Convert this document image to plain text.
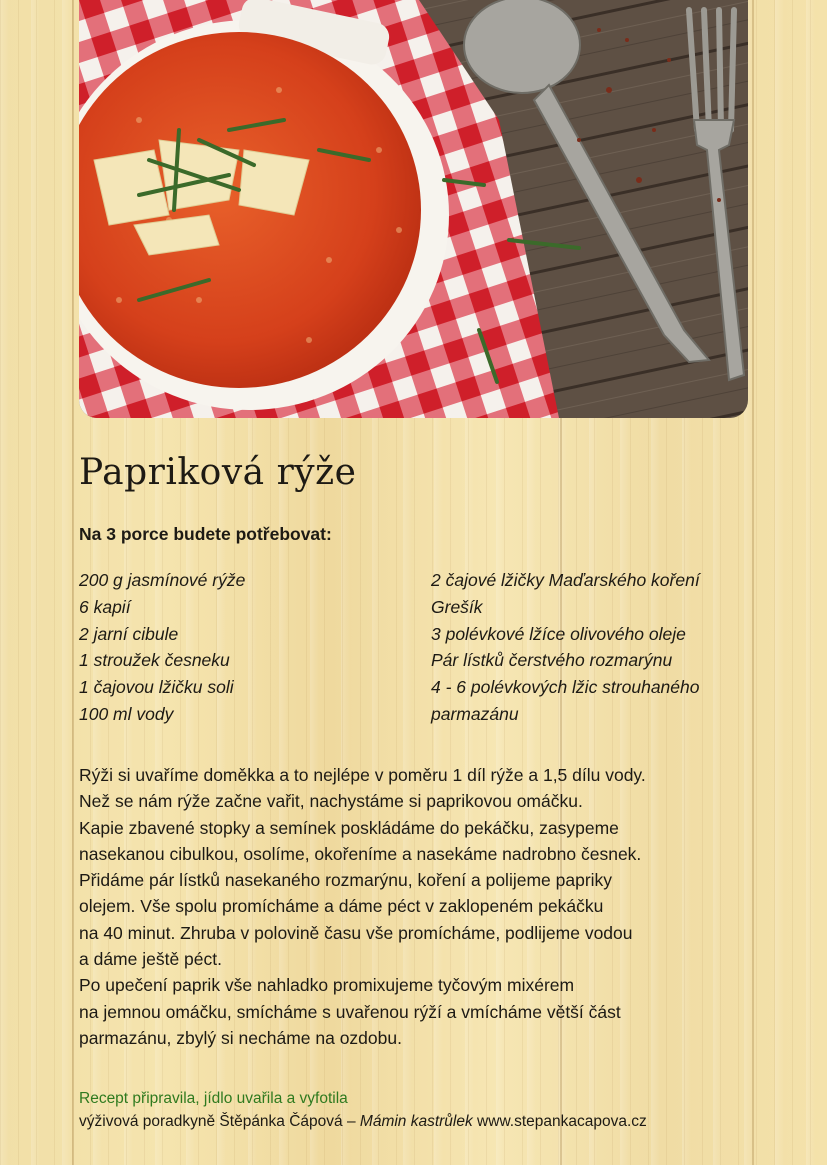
Papriková rýže

Na 3 porce budete potřebovat:

200 g jasmínové rýže
6 kapií
2 jarní cibule
1 stroužek česneku
1 čajovou lžičku soli
100 ml vody
2 čajové lžičky Maďarského koření
Grešík
3 polévkové lžíce olivového oleje
Pár lístků čerstvého rozmarýnu
4 - 6 polévkových lžic strouhaného
parmazánu
Rýži si uvaříme doměkka a to nejlépe v poměru 1 díl rýže a 1,5 dílu vody.
Než se nám rýže začne vařit, nachystáme si paprikovou omáčku.
Kapie zbavené stopky a semínek poskládáme do pekáčku, zasypeme
nasekanou cibulkou, osolíme, okořeníme a nasekáme nadrobno česnek.
Přidáme pár lístků nasekaného rozmarýnu, koření a polijeme papriky
olejem. Vše spolu promícháme a dáme péct v zaklopeném pekáčku
na 40 minut. Zhruba v polovině času vše promícháme, podlijeme vodou
a dáme ještě péct.
Po upečení paprik vše nahladko promixujeme tyčovým mixérem
na jemnou omáčku, smícháme s uvařenou rýží a vmícháme větší část
parmazánu, zbylý si necháme na ozdobu.
Recept připravila, jídlo uvařila a vyfotila
výživová poradkyně Štěpánka Čápová – Mámin kastrůlek www.stepankacapova.cz
